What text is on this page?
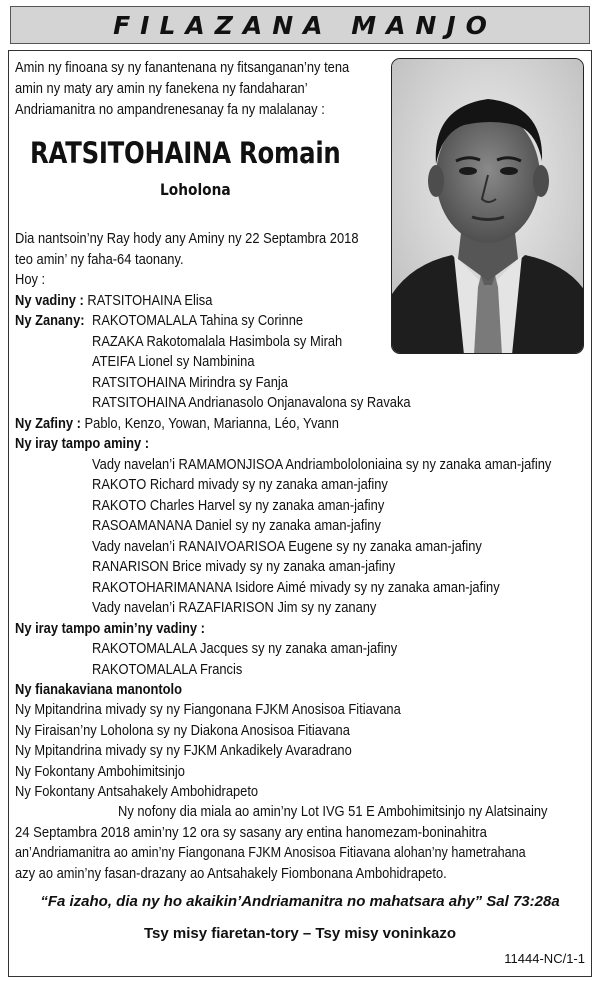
FILAZANA MANJO
Amin ny finoana sy ny fanantenana ny fitsanganan’ny tena
amin ny maty ary amin ny fanekena ny fandaharan’
Andriamanitra no ampandrenesanay fa ny malalanay :
RATSITOHAINA Romain
Loholona
Dia nantsoin’ny Ray hody any Aminy ny 22 Septambra 2018
teo amin’ ny faha-64 taonany.
Hoy :
Ny vadiny : RATSITOHAINA Elisa
Ny Zanany: RAKOTOMALALA Tahina sy Corinne
RAZAKA Rakotomalala Hasimbola sy Mirah
ATEIFA Lionel sy Nambinina
RATSITOHAINA Mirindra sy Fanja
RATSITOHAINA Andrianasolo Onjanavalona sy Ravaka
Ny Zafiny : Pablo, Kenzo, Yowan, Marianna, Léo, Yvann
Ny iray tampo aminy :
Vady navelan’i RAMAMONJISOA Andriambololoniaina sy ny zanaka aman-jafiny
RAKOTO Richard mivady sy ny zanaka aman-jafiny
RAKOTO Charles Harvel sy ny zanaka aman-jafiny
RASOAMANANA Daniel sy ny zanaka aman-jafiny
Vady navelan’i RANAIVOARISOA Eugene sy ny zanaka aman-jafiny
RANARISON Brice mivady sy ny zanaka aman-jafiny
RAKOTOHARIMANANA Isidore Aimé mivady sy ny zanaka aman-jafiny
Vady navelan’i RAZAFIARISON Jim sy ny zanany
Ny iray tampo amin’ny vadiny :
RAKOTOMALALA Jacques sy ny zanaka aman-jafiny
RAKOTOMALALA Francis
Ny fianakaviana manontolo
Ny Mpitandrina mivady sy ny Fiangonana FJKM Anosisoa Fitiavana
Ny Firaisan’ny Loholona sy ny Diakona Anosisoa Fitiavana
Ny Mpitandrina mivady sy ny FJKM Ankadikely Avaradrano
Ny Fokontany Ambohimitsinjo
Ny Fokontany Antsahakely Ambohidrapeto
Ny nofony dia miala ao amin’ny Lot IVG 51 E Ambohimitsinjo ny Alatsinainy
24 Septambra 2018 amin’ny 12 ora sy sasany ary entina hanomezam-boninahitra
an’Andriamanitra ao amin’ny Fiangonana FJKM Anosisoa Fitiavana alohan’ny hametrahana
azy ao amin’ny fasan-drazany ao Antsahakely Fiombonana Ambohidrapeto.
“Fa izaho, dia ny ho akaikin’Andriamanitra no mahatsara ahy” Sal 73:28a
Tsy misy fiaretan-tory – Tsy misy voninkazo
11444-NC/1-1
